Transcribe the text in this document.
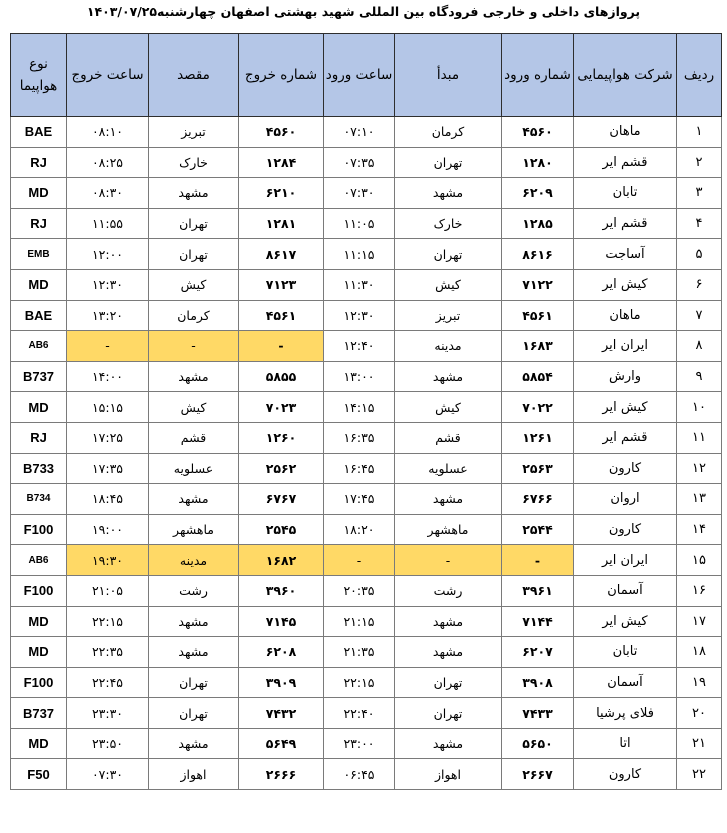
پروازهای داخلی و خارجی فرودگاه بین المللی شهید بهشتی اصفهان چهارشنبه۱۴۰۳/۰۷/۲۵
ردیف	شرکت هواپیمایی	شماره ورود	مبدأ	ساعت ورود	شماره خروج	مقصد	ساعت خروج	نوع هواپیما
۱	ماهان	۴۵۶۰	کرمان	۰۷:۱۰	۴۵۶۰	تبریز	۰۸:۱۰	BAE
۲	قشم ایر	۱۲۸۰	تهران	۰۷:۳۵	۱۲۸۴	خارک	۰۸:۲۵	RJ
۳	تابان	۶۲۰۹	مشهد	۰۷:۳۰	۶۲۱۰	مشهد	۰۸:۳۰	MD
۴	قشم ایر	۱۲۸۵	خارک	۱۱:۰۵	۱۲۸۱	تهران	۱۱:۵۵	RJ
۵	آساجت	۸۶۱۶	تهران	۱۱:۱۵	۸۶۱۷	تهران	۱۲:۰۰	EMB
۶	کیش ایر	۷۱۲۲	کیش	۱۱:۳۰	۷۱۲۳	کیش	۱۲:۳۰	MD
۷	ماهان	۴۵۶۱	تبریز	۱۲:۳۰	۴۵۶۱	کرمان	۱۳:۲۰	BAE
۸	ایران ایر	۱۶۸۳	مدینه	۱۲:۴۰	-	-	-	AB6
۹	وارش	۵۸۵۴	مشهد	۱۳:۰۰	۵۸۵۵	مشهد	۱۴:۰۰	B737
۱۰	کیش ایر	۷۰۲۲	کیش	۱۴:۱۵	۷۰۲۳	کیش	۱۵:۱۵	MD
۱۱	قشم ایر	۱۲۶۱	قشم	۱۶:۳۵	۱۲۶۰	قشم	۱۷:۲۵	RJ
۱۲	کارون	۲۵۶۳	عسلویه	۱۶:۴۵	۲۵۶۲	عسلویه	۱۷:۳۵	B733
۱۳	اروان	۶۷۶۶	مشهد	۱۷:۴۵	۶۷۶۷	مشهد	۱۸:۴۵	B734
۱۴	کارون	۲۵۴۴	ماهشهر	۱۸:۲۰	۲۵۴۵	ماهشهر	۱۹:۰۰	F100
۱۵	ایران ایر	-	-	-	۱۶۸۲	مدینه	۱۹:۳۰	AB6
۱۶	آسمان	۳۹۶۱	رشت	۲۰:۳۵	۳۹۶۰	رشت	۲۱:۰۵	F100
۱۷	کیش ایر	۷۱۴۴	مشهد	۲۱:۱۵	۷۱۴۵	مشهد	۲۲:۱۵	MD
۱۸	تابان	۶۲۰۷	مشهد	۲۱:۳۵	۶۲۰۸	مشهد	۲۲:۳۵	MD
۱۹	آسمان	۳۹۰۸	تهران	۲۲:۱۵	۳۹۰۹	تهران	۲۲:۴۵	F100
۲۰	فلای پرشیا	۷۴۳۳	تهران	۲۲:۴۰	۷۴۳۲	تهران	۲۳:۳۰	B737
۲۱	اتا	۵۶۵۰	مشهد	۲۳:۰۰	۵۶۴۹	مشهد	۲۳:۵۰	MD
۲۲	کارون	۲۶۶۷	اهواز	۰۶:۴۵	۲۶۶۶	اهواز	۰۷:۳۰	F50
